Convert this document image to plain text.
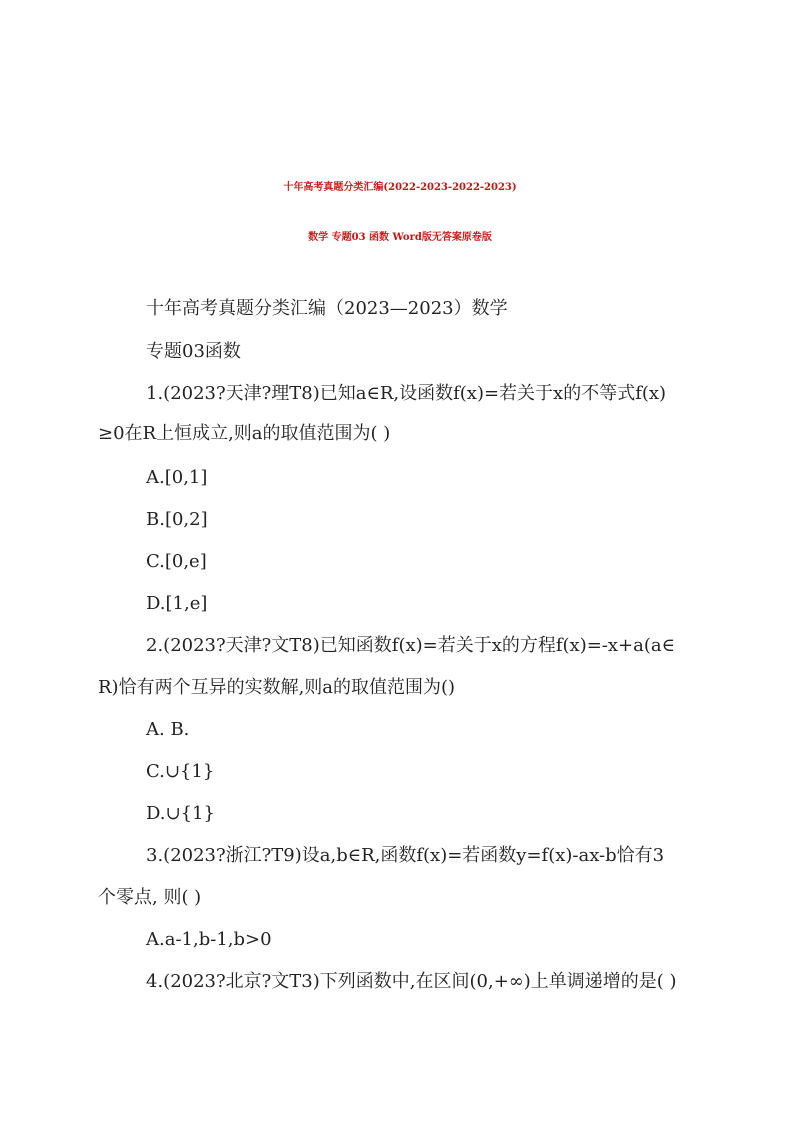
十年高考真题分类汇编(2022-2023-2022-2023)
数学 专题03 函数 Word版无答案原卷版
十年高考真题分类汇编（2023—2023）数学
专题03函数
1.(2023?天津?理T8)已知a∈R,设函数f(x)=若关于x的不等式f(x)
≥0在R上恒成立,则a的取值范围为( )
A.[0,1]
B.[0,2]
C.[0,e]
D.[1,e]
2.(2023?天津?文T8)已知函数f(x)=若关于x的方程f(x)=-x+a(a∈
R)恰有两个互异的实数解,则a的取值范围为()
A. B.
C.∪{1}
D.∪{1}
3.(2023?浙江?T9)设a,b∈R,函数f(x)=若函数y=f(x)-ax-b恰有3
个零点, 则( )
A.a-1,b-1,b>0
4.(2023?北京?文T3)下列函数中,在区间(0,+∞)上单调递增的是( )
